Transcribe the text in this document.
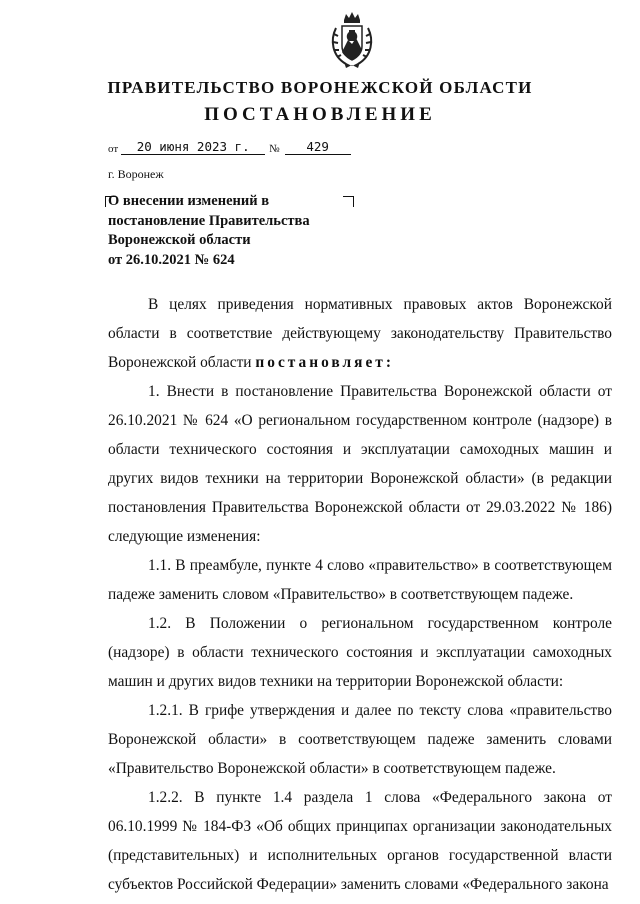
ПРАВИТЕЛЬСТВО ВОРОНЕЖСКОЙ ОБЛАСТИ
ПОСТАНОВЛЕНИЕ
от	20 июня 2023 г.	№	429
г. Воронеж
О внесении изменений в
постановление Правительства
Воронежской области
от 26.10.2021 № 624

В целях приведения нормативных правовых актов Воронежской области в соответствие действующему законодательству Правительство Воронежской области постановляет:

1. Внести в постановление Правительства Воронежской области от 26.10.2021 № 624 «О региональном государственном контроле (надзоре) в области технического состояния и эксплуатации самоходных машин и других видов техники на территории Воронежской области» (в редакции постановления Правительства Воронежской области от 29.03.2022 № 186) следующие изменения:

1.1. В преамбуле, пункте 4 слово «правительство» в соответствующем падеже заменить словом «Правительство» в соответствующем падеже.

1.2. В Положении о региональном государственном контроле (надзоре) в области технического состояния и эксплуатации самоходных машин и других видов техники на территории Воронежской области:

1.2.1. В грифе утверждения и далее по тексту слова «правительство Воронежской области» в соответствующем падеже заменить словами «Правительство Воронежской области» в соответствующем падеже.

1.2.2. В пункте 1.4 раздела 1 слова «Федерального закона от 06.10.1999 № 184-ФЗ «Об общих принципах организации законодательных (представительных) и исполнительных органов государственной власти субъектов Российской Федерации» заменить словами «Федерального закона
